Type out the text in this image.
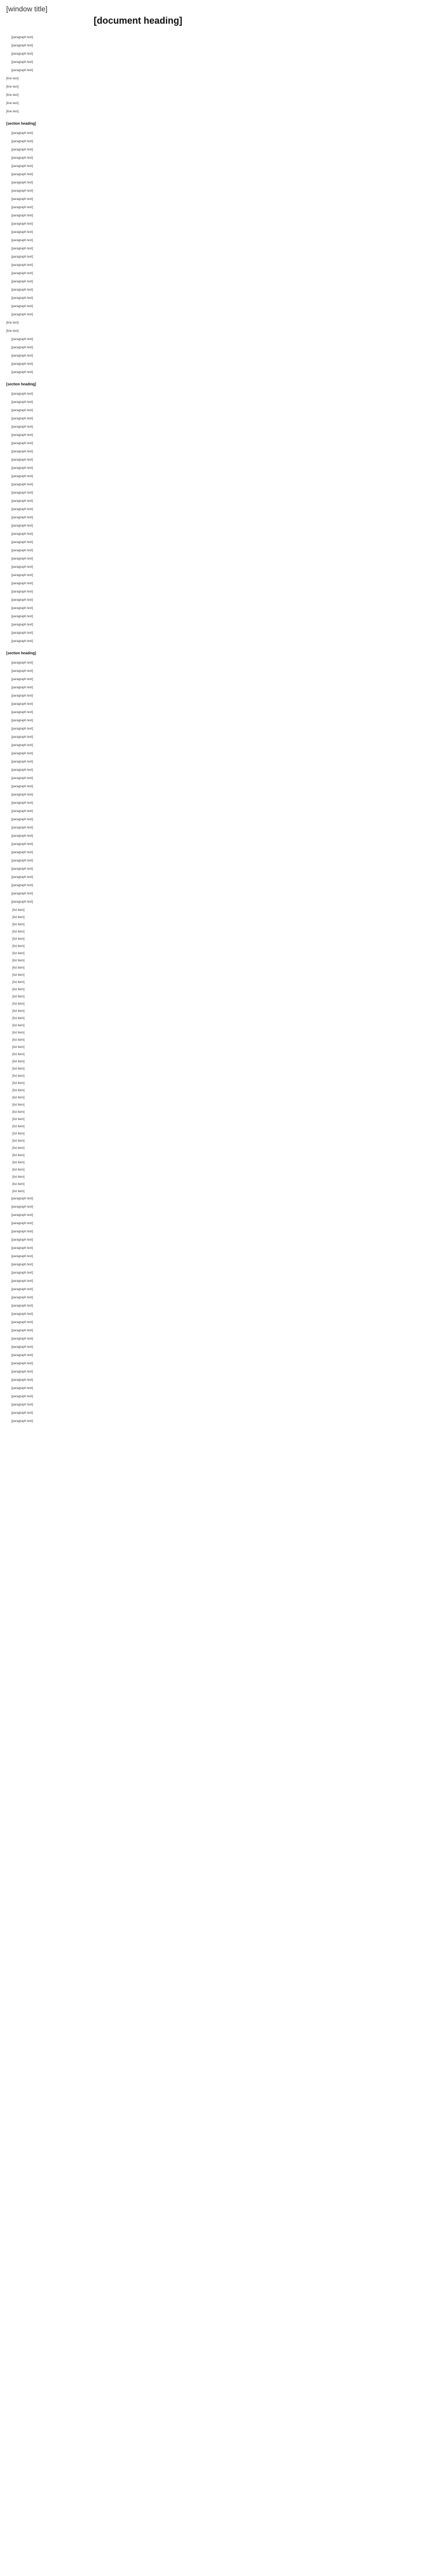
[window title]
[document heading]
[paragraph text]
[paragraph text]
[paragraph text]
[paragraph text]
[paragraph text]
[line text]
[line text]
[line text]
[line text]
[line text]
[section heading]
[paragraph text]
[paragraph text]
[paragraph text]
[paragraph text]
[paragraph text]
[paragraph text]
[paragraph text]
[paragraph text]
[paragraph text]
[paragraph text]
[paragraph text]
[paragraph text]
[paragraph text]
[paragraph text]
[paragraph text]
[paragraph text]
[paragraph text]
[paragraph text]
[paragraph text]
[paragraph text]
[paragraph text]
[paragraph text]
[paragraph text]
[line text]
[line text]
[paragraph text]
[paragraph text]
[paragraph text]
[paragraph text]
[paragraph text]
[section heading]
[paragraph text]
[paragraph text]
[paragraph text]
[paragraph text]
[paragraph text]
[paragraph text]
[paragraph text]
[paragraph text]
[paragraph text]
[paragraph text]
[paragraph text]
[paragraph text]
[paragraph text]
[paragraph text]
[paragraph text]
[paragraph text]
[paragraph text]
[paragraph text]
[paragraph text]
[paragraph text]
[paragraph text]
[paragraph text]
[paragraph text]
[paragraph text]
[paragraph text]
[paragraph text]
[paragraph text]
[paragraph text]
[paragraph text]
[paragraph text]
[paragraph text]
[section heading]
[paragraph text]
[paragraph text]
[paragraph text]
[paragraph text]
[paragraph text]
[paragraph text]
[paragraph text]
[paragraph text]
[paragraph text]
[paragraph text]
[paragraph text]
[paragraph text]
[paragraph text]
[paragraph text]
[paragraph text]
[paragraph text]
[paragraph text]
[paragraph text]
[paragraph text]
[paragraph text]
[paragraph text]
[paragraph text]
[paragraph text]
[paragraph text]
[paragraph text]
[paragraph text]
[paragraph text]
[paragraph text]
[paragraph text]
[paragraph text]
[list item]
[list item]
[list item]
[list item]
[list item]
[list item]
[list item]
[list item]
[list item]
[list item]
[list item]
[list item]
[list item]
[list item]
[list item]
[list item]
[list item]
[list item]
[list item]
[list item]
[list item]
[list item]
[list item]
[list item]
[list item]
[list item]
[list item]
[list item]
[list item]
[list item]
[list item]
[list item]
[list item]
[list item]
[list item]
[list item]
[list item]
[list item]
[list item]
[list item]
[paragraph text]
[paragraph text]
[paragraph text]
[paragraph text]
[paragraph text]
[paragraph text]
[paragraph text]
[paragraph text]
[paragraph text]
[paragraph text]
[paragraph text]
[paragraph text]
[paragraph text]
[paragraph text]
[paragraph text]
[paragraph text]
[paragraph text]
[paragraph text]
[paragraph text]
[paragraph text]
[paragraph text]
[paragraph text]
[paragraph text]
[paragraph text]
[paragraph text]
[paragraph text]
[paragraph text]
[paragraph text]
